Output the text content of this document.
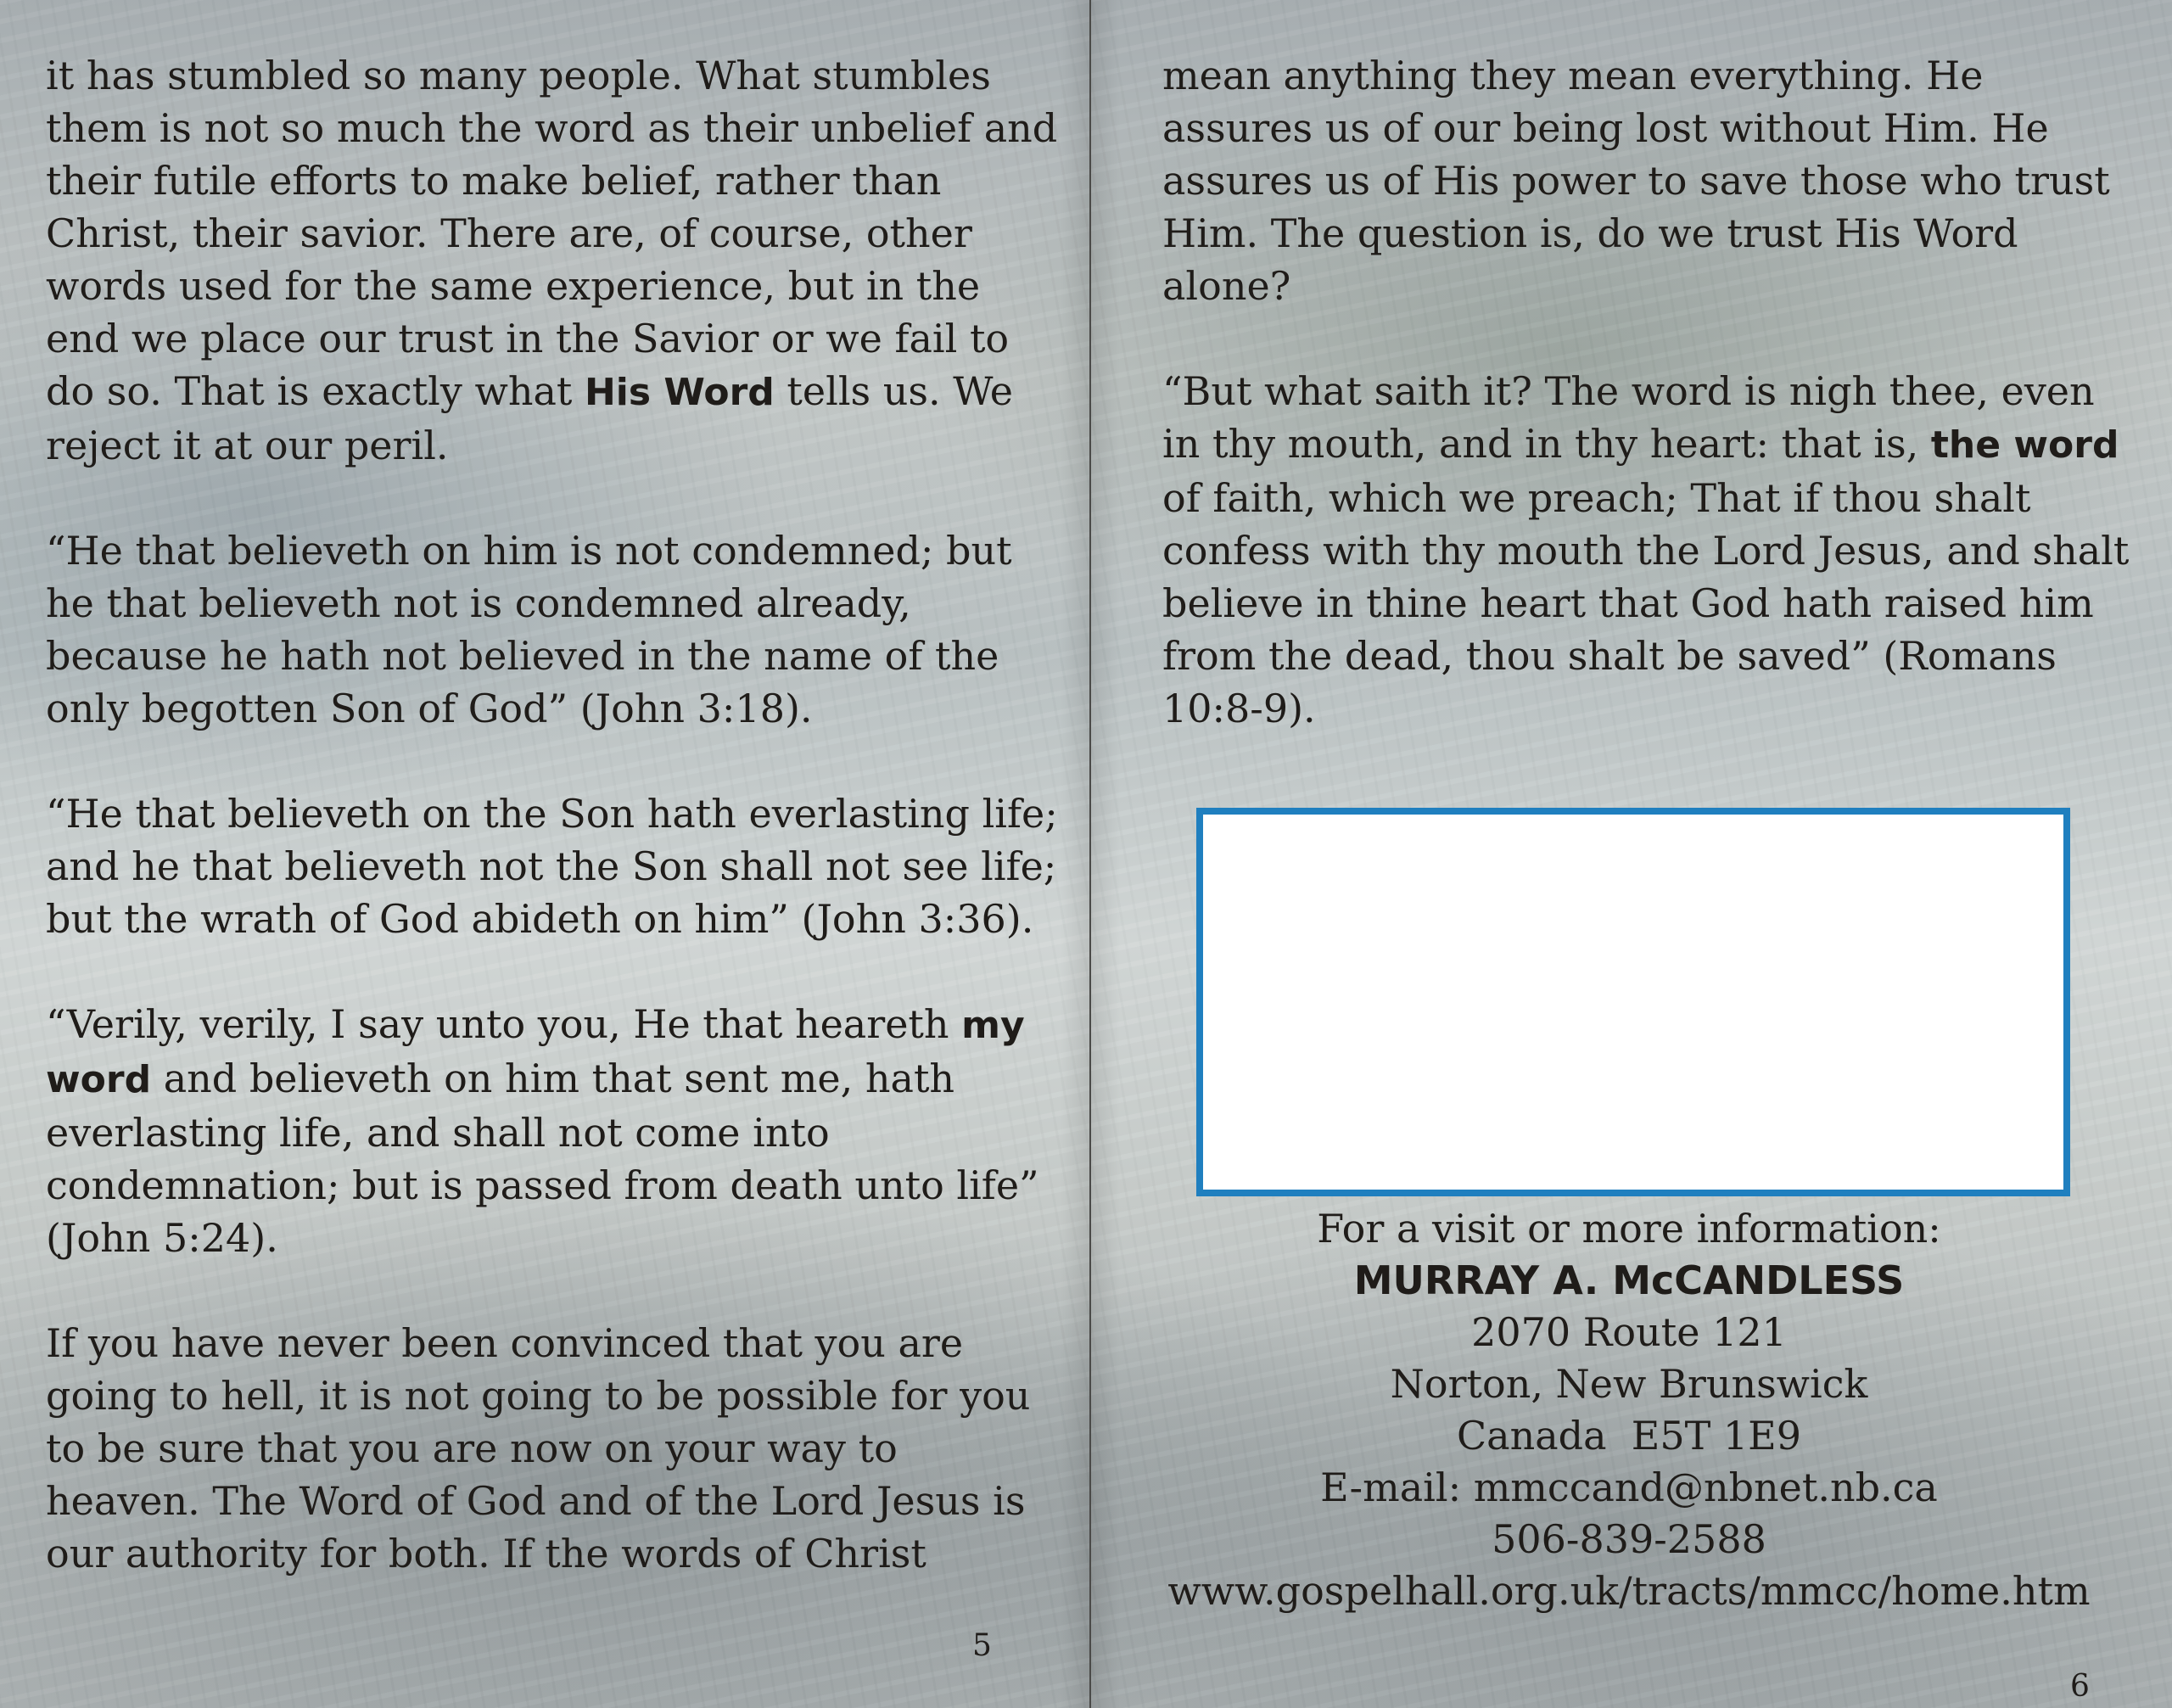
it has stumbled so many people. What stumbles them is not so much the word as their unbelief and their futile efforts to make belief, rather than Christ, their savior. There are, of course, other words used for the same experience, but in the end we place our trust in the Savior or we fail to do so. That is exactly what His Word tells us. We reject it at our peril.

“He that believeth on him is not condemned; but he that believeth not is condemned already, because he hath not believed in the name of the only begotten Son of God” (John 3:18).

“He that believeth on the Son hath everlasting life; and he that believeth not the Son shall not see life; but the wrath of God abideth on him” (John 3:36).

“Verily, verily, I say unto you, He that heareth my word and believeth on him that sent me, hath everlasting life, and shall not come into condemnation; but is passed from death unto life” (John 5:24).

If you have never been convinced that you are going to hell, it is not going to be possible for you to be sure that you are now on your way to heaven. The Word of God and of the Lord Jesus is our authority for both. If the words of Christ

5

mean anything they mean everything. He assures us of our being lost without Him. He assures us of His power to save those who trust Him. The question is, do we trust His Word alone?

“But what saith it? The word is nigh thee, even in thy mouth, and in thy heart: that is, the word of faith, which we preach; That if thou shalt confess with thy mouth the Lord Jesus, and shalt believe in thine heart that God hath raised him from the dead, thou shalt be saved” (Romans 10:8-9).

For a visit or more information:
MURRAY A. McCANDLESS
2070 Route 121
Norton, New Brunswick
Canada  E5T 1E9
E-mail: mmccand@nbnet.nb.ca
506-839-2588
www.gospelhall.org.uk/tracts/mmcc/home.htm
6
